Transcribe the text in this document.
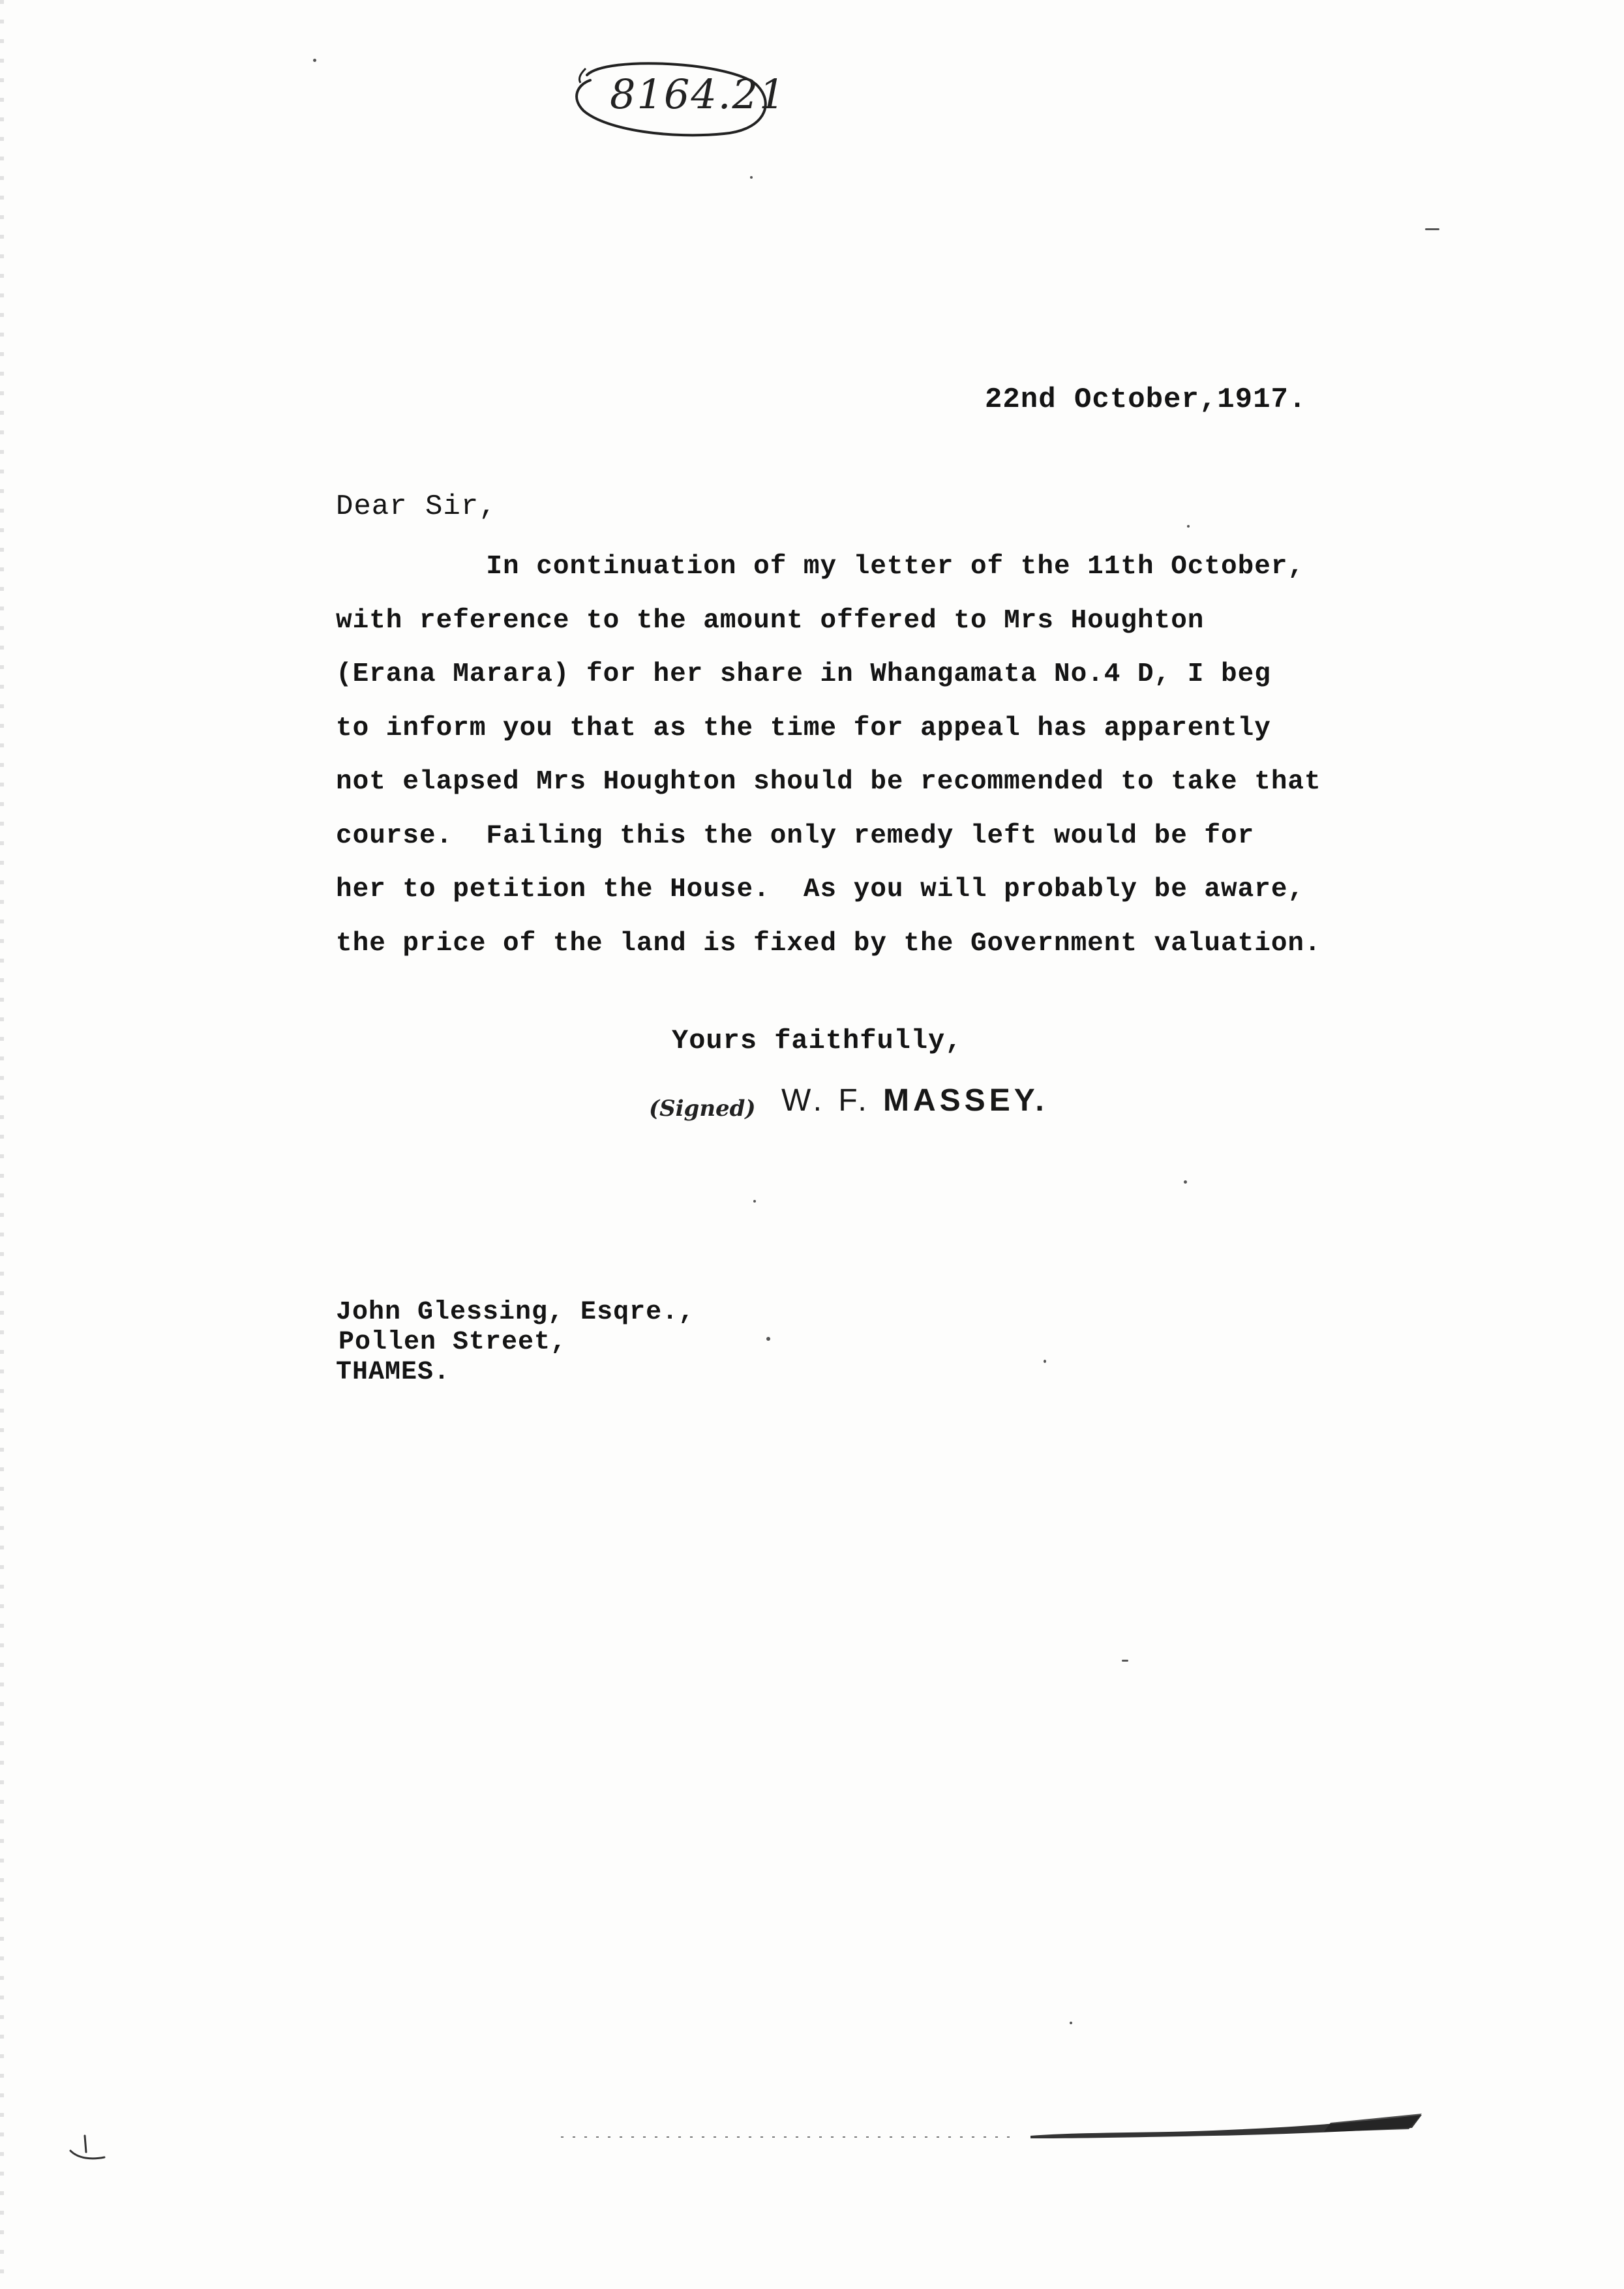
8164.21
22nd October,1917.
Dear Sir,
In continuation of my letter of the 11th October,
with reference to the amount offered to Mrs Houghton
(Erana Marara) for her share in Whangamata No.4 D, I beg
to inform you that as the time for appeal has apparently
not elapsed Mrs Houghton should be recommended to take that
course.  Failing this the only remedy left would be for
her to petition the House.  As you will probably be aware,
the price of the land is fixed by the Government valuation.
Yours faithfully,
(Signed) W. F. MASSEY.
John Glessing, Esqre.,
Pollen Street,
THAMES.
